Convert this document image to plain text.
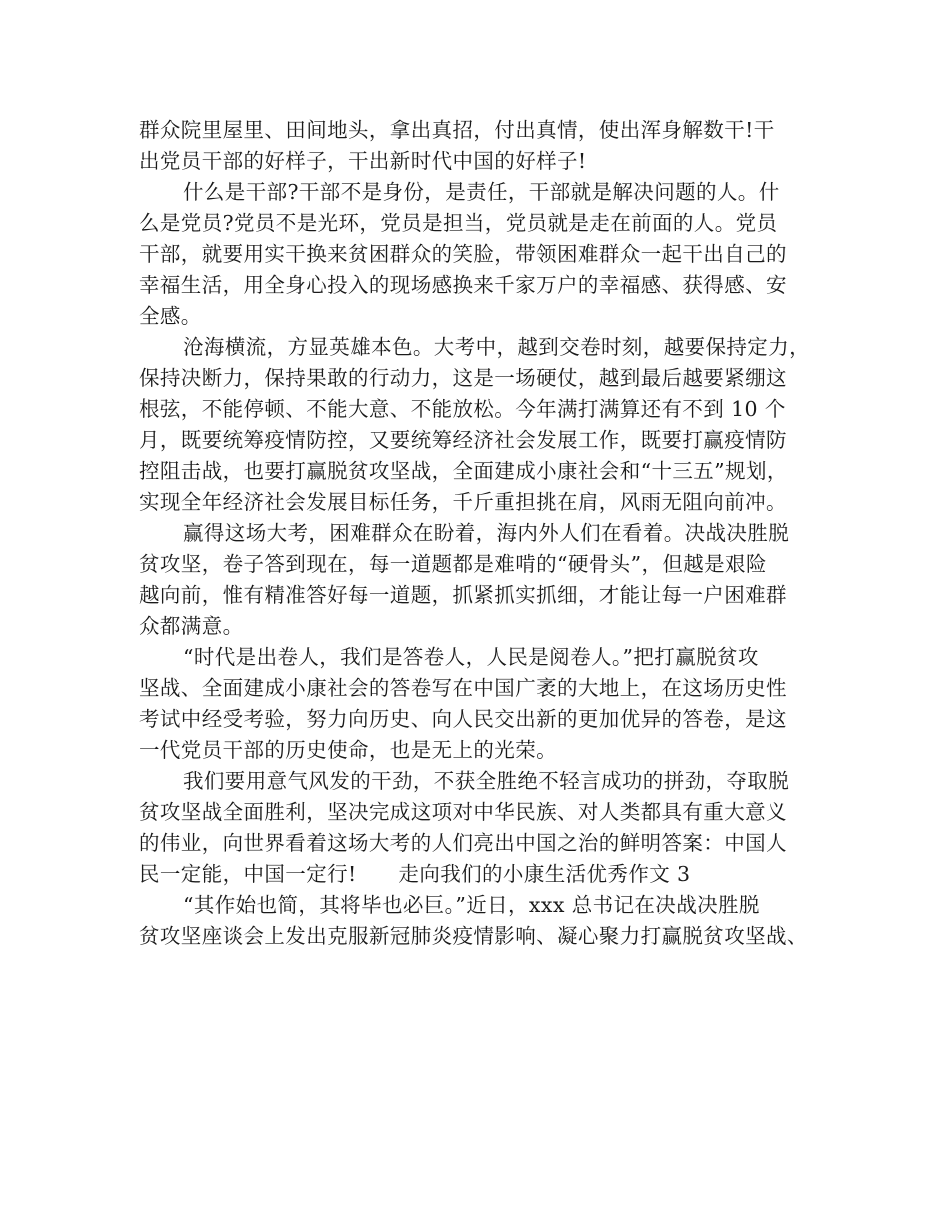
群众院里屋里、田间地头，拿出真招，付出真情，使出浑身解数干!干
出党员干部的好样子，干出新时代中国的好样子!
什么是干部?干部不是身份，是责任，干部就是解决问题的人。什
么是党员?党员不是光环，党员是担当，党员就是走在前面的人。党员
干部，就要用实干换来贫困群众的笑脸，带领困难群众一起干出自己的
幸福生活，用全身心投入的现场感换来千家万户的幸福感、获得感、安
全感。
沧海横流，方显英雄本色。大考中，越到交卷时刻，越要保持定力，
保持决断力，保持果敢的行动力，这是一场硬仗，越到最后越要紧绷这
根弦，不能停顿、不能大意、不能放松。今年满打满算还有不到 10 个
月，既要统筹疫情防控，又要统筹经济社会发展工作，既要打赢疫情防
控阻击战，也要打赢脱贫攻坚战，全面建成小康社会和“十三五”规划，
实现全年经济社会发展目标任务，千斤重担挑在肩，风雨无阻向前冲。
赢得这场大考，困难群众在盼着，海内外人们在看着。决战决胜脱
贫攻坚，卷子答到现在，每一道题都是难啃的“硬骨头”，但越是艰险
越向前，惟有精准答好每一道题，抓紧抓实抓细，才能让每一户困难群
众都满意。
“时代是出卷人，我们是答卷人，人民是阅卷人。”把打赢脱贫攻
坚战、全面建成小康社会的答卷写在中国广袤的大地上，在这场历史性
考试中经受考验，努力向历史、向人民交出新的更加优异的答卷，是这
一代党员干部的历史使命，也是无上的光荣。
我们要用意气风发的干劲，不获全胜绝不轻言成功的拼劲，夺取脱
贫攻坚战全面胜利，坚决完成这项对中华民族、对人类都具有重大意义
的伟业，向世界看着这场大考的人们亮出中国之治的鲜明答案：中国人
民一定能，中国一定行!　　走向我们的小康生活优秀作文 3
“其作始也简，其将毕也必巨。”近日，xxx 总书记在决战决胜脱
贫攻坚座谈会上发出克服新冠肺炎疫情影响、凝心聚力打赢脱贫攻坚战、
